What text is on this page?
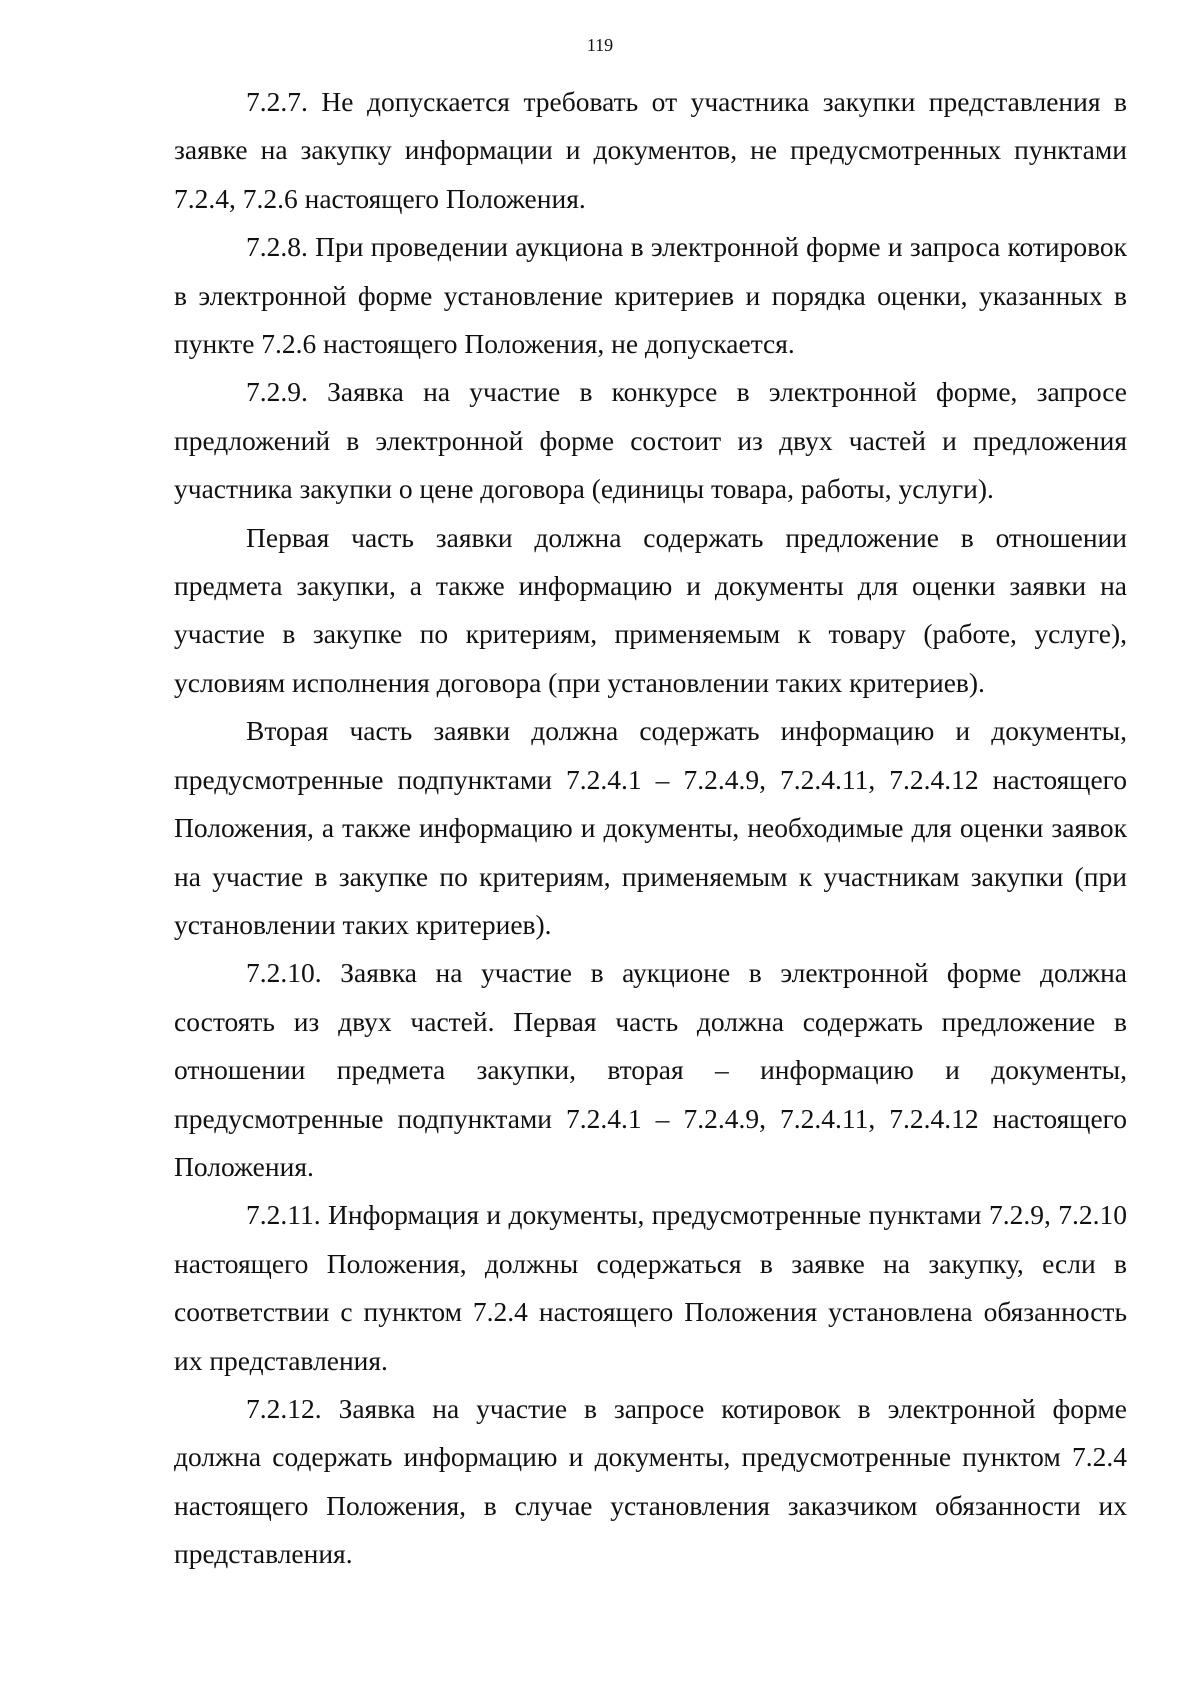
119

7.2.7. Не допускается требовать от участника закупки представления в заявке на закупку информации и документов, не предусмотренных пунктами 7.2.4, 7.2.6 настоящего Положения.

7.2.8. При проведении аукциона в электронной форме и запроса котировок в электронной форме установление критериев и порядка оценки, указанных в пункте 7.2.6 настоящего Положения, не допускается.

7.2.9. Заявка на участие в конкурсе в электронной форме, запросе предложений в электронной форме состоит из двух частей и предложения участника закупки о цене договора (единицы товара, работы, услуги).

Первая часть заявки должна содержать предложение в отношении предмета закупки, а также информацию и документы для оценки заявки на участие в закупке по критериям, применяемым к товару (работе, услуге), условиям исполнения договора (при установлении таких критериев).

Вторая часть заявки должна содержать информацию и документы, предусмотренные подпунктами 7.2.4.1 – 7.2.4.9, 7.2.4.11, 7.2.4.12 настоящего Положения, а также информацию и документы, необходимые для оценки заявок на участие в закупке по критериям, применяемым к участникам закупки (при установлении таких критериев).

7.2.10. Заявка на участие в аукционе в электронной форме должна состоять из двух частей. Первая часть должна содержать предложение в отношении предмета закупки, вторая – информацию и документы, предусмотренные подпунктами 7.2.4.1 – 7.2.4.9, 7.2.4.11, 7.2.4.12 настоящего Положения.

7.2.11. Информация и документы, предусмотренные пунктами 7.2.9, 7.2.10 настоящего Положения, должны содержаться в заявке на закупку, если в соответствии с пунктом 7.2.4 настоящего Положения установлена обязанность их представления.

7.2.12. Заявка на участие в запросе котировок в электронной форме должна содержать информацию и документы, предусмотренные пунктом 7.2.4 настоящего Положения, в случае установления заказчиком обязанности их представления.
